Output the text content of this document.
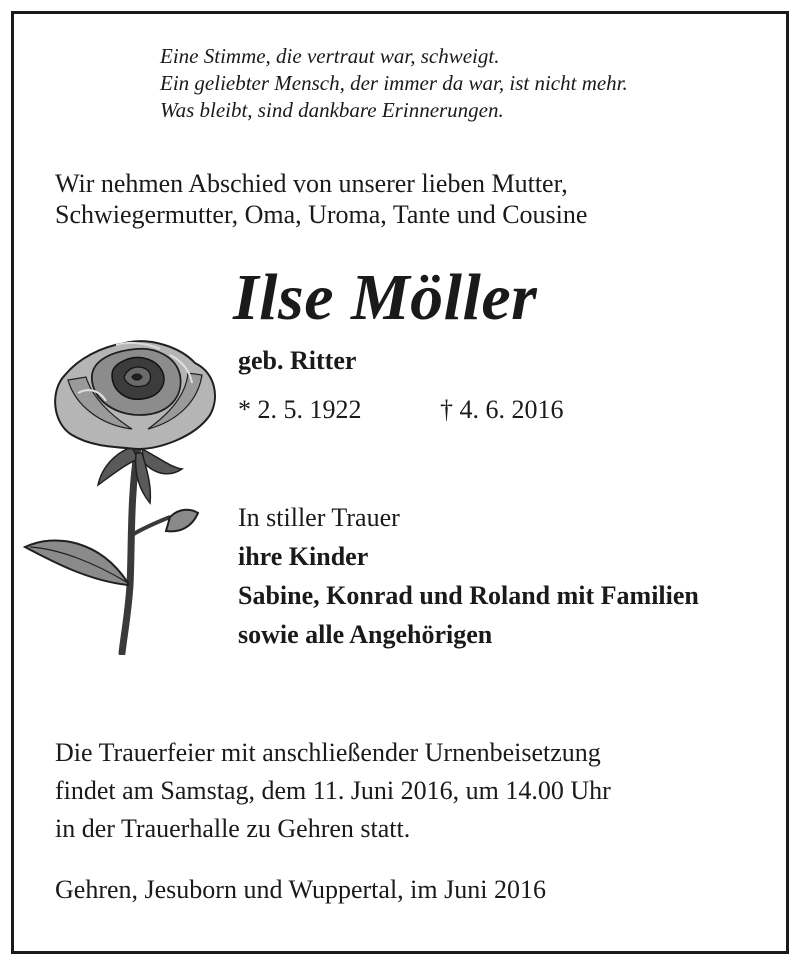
Eine Stimme, die vertraut war, schweigt.
Ein geliebter Mensch, der immer da war, ist nicht mehr.
Was bleibt, sind dankbare Erinnerungen.
Wir nehmen Abschied von unserer lieben Mutter,
Schwiegermutter, Oma, Uroma, Tante und Cousine
Ilse Möller
geb. Ritter
* 2. 5. 1922	† 4. 6. 2016
In stiller Trauer
ihre Kinder
Sabine, Konrad und Roland mit Familien
sowie alle Angehörigen
Die Trauerfeier mit anschließender Urnenbeisetzung
findet am Samstag, dem 11. Juni 2016, um 14.00 Uhr
in der Trauerhalle zu Gehren statt.
Gehren, Jesuborn und Wuppertal, im Juni 2016
